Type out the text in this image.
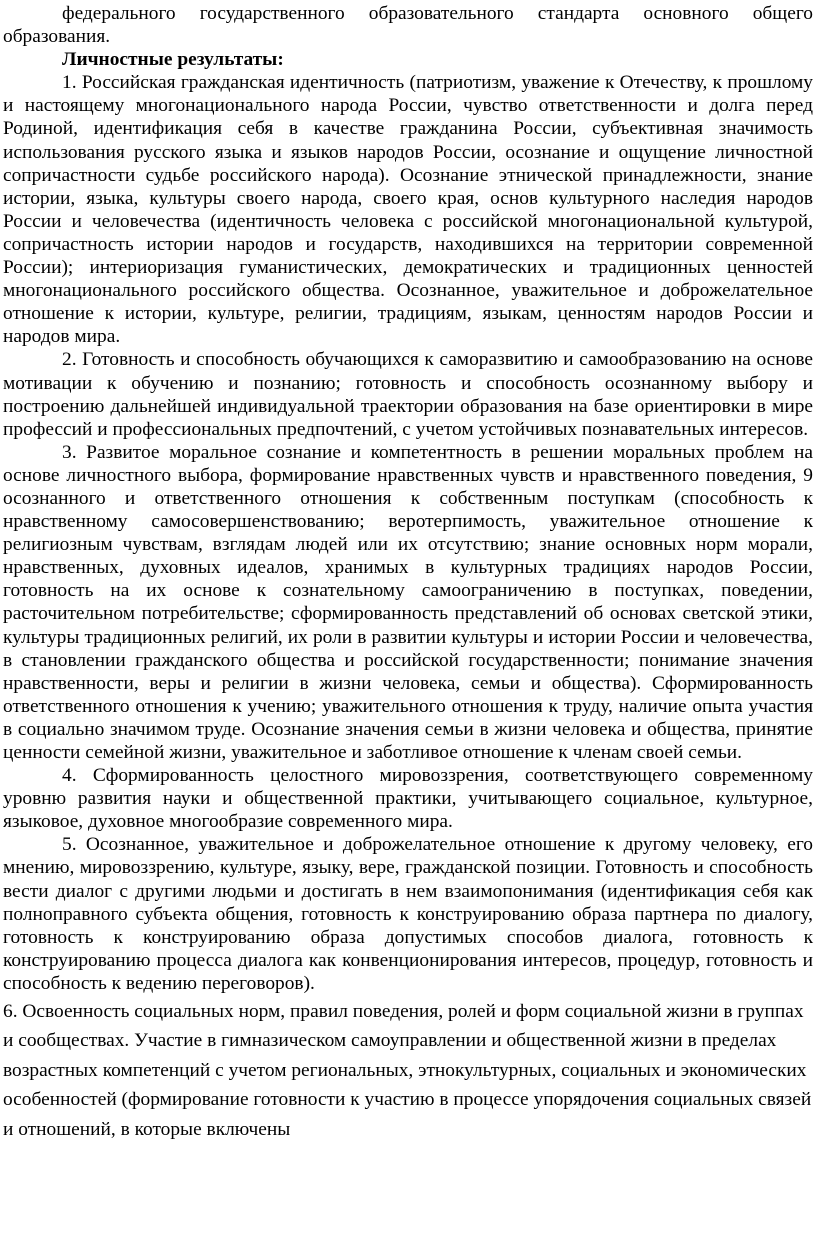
федерального государственного образовательного стандарта основного общего образования.

Личностные результаты:

1. Российская гражданская идентичность (патриотизм, уважение к Отечеству, к прошлому и настоящему многонационального народа России, чувство ответственности и долга перед Родиной, идентификация себя в качестве гражданина России, субъективная значимость использования русского языка и языков народов России, осознание и ощущение личностной сопричастности судьбе российского народа). Осознание этнической принадлежности, знание истории, языка, культуры своего народа, своего края, основ культурного наследия народов России и человечества (идентичность человека с российской многонациональной культурой, сопричастность истории народов и государств, находившихся на территории современной России); интериоризация гуманистических, демократических и традиционных ценностей многонационального российского общества. Осознанное, уважительное и доброжелательное отношение к истории, культуре, религии, традициям, языкам, ценностям народов России и народов мира.

2. Готовность и способность обучающихся к саморазвитию и самообразованию на основе мотивации к обучению и познанию; готовность и способность осознанному выбору и построению дальнейшей индивидуальной траектории образования на базе ориентировки в мире профессий и профессиональных предпочтений, с учетом устойчивых познавательных интересов.

3. Развитое моральное сознание и компетентность в решении моральных проблем на основе личностного выбора, формирование нравственных чувств и нравственного поведения, 9 осознанного и ответственного отношения к собственным поступкам (способность к нравственному самосовершенствованию; веротерпимость, уважительное отношение к религиозным чувствам, взглядам людей или их отсутствию; знание основных норм морали, нравственных, духовных идеалов, хранимых в культурных традициях народов России, готовность на их основе к сознательному самоограничению в поступках, поведении, расточительном потребительстве; сформированность представлений об основах светской этики, культуры традиционных религий, их роли в развитии культуры и истории России и человечества, в становлении гражданского общества и российской государственности; понимание значения нравственности, веры и религии в жизни человека, семьи и общества). Сформированность ответственного отношения к учению; уважительного отношения к труду, наличие опыта участия в социально значимом труде. Осознание значения семьи в жизни человека и общества, принятие ценности семейной жизни, уважительное и заботливое отношение к членам своей семьи.

4. Сформированность целостного мировоззрения, соответствующего современному уровню развития науки и общественной практики, учитывающего социальное, культурное, языковое, духовное многообразие современного мира.

5. Осознанное, уважительное и доброжелательное отношение к другому человеку, его мнению, мировоззрению, культуре, языку, вере, гражданской позиции. Готовность и способность вести диалог с другими людьми и достигать в нем взаимопонимания (идентификация себя как полноправного субъекта общения, готовность к конструированию образа партнера по диалогу, готовность к конструированию образа допустимых способов диалога, готовность к конструированию процесса диалога как конвенционирования интересов, процедур, готовность и способность к ведению переговоров).

6. Освоенность социальных норм, правил поведения, ролей и форм социальной жизни в группах и сообществах. Участие в гимназическом самоуправлении и общественной жизни в пределах возрастных компетенций с учетом региональных, этнокультурных, социальных и экономических особенностей (формирование готовности к участию в процессе упорядочения социальных связей и отношений, в которые включены
